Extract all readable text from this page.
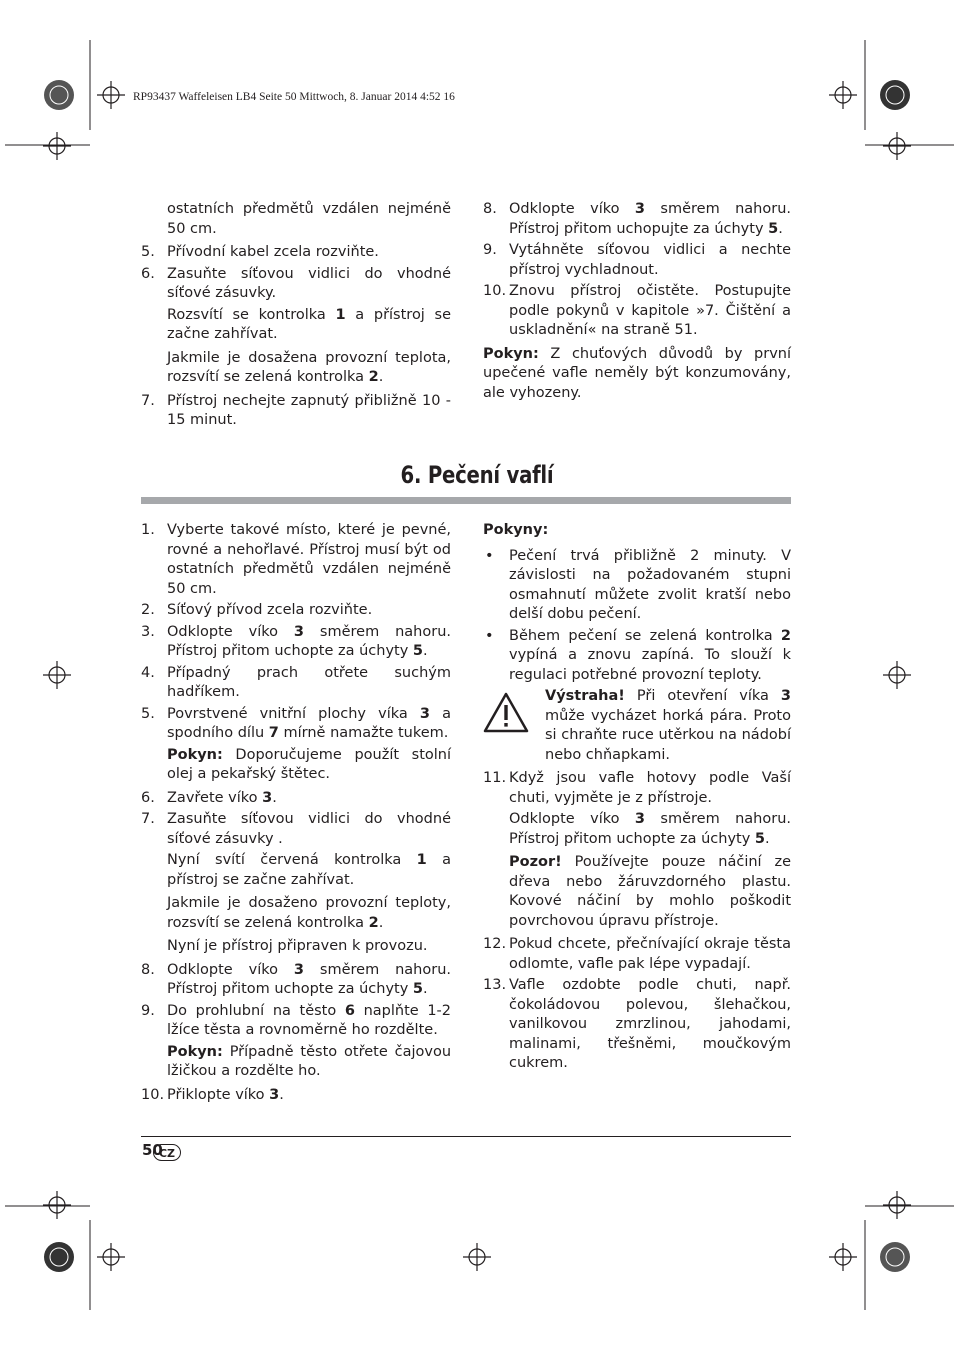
RP93437 Waffeleisen LB4 Seite 50 Mittwoch, 8. Januar 2014 4:52 16

ostatních předmětů vzdálen nejméně 50 cm.

5. Přívodní kabel zcela rozviňte.
6. Zasuňte síťovou vidlici do vhodné síťové zásuvky.

Rozsvítí se kontrolka 1 a přístroj se začne zahřívat.

Jakmile je dosažena provozní teplota, rozsvítí se zelená kontrolka 2.

7. Přístroj nechejte zapnutý přibližně 10 - 15 minut.
8. Odklopte víko 3 směrem nahoru. Přístroj přitom uchopujte za úchyty 5.
9. Vytáhněte síťovou vidlici a nechte přístroj vychladnout.
10. Znovu přístroj očistěte. Postupujte podle pokynů v kapitole »7. Čištění a uskladnění« na straně 51.

Pokyn: Z chuťových důvodů by první upečené vafle neměly být konzumovány, ale vyhozeny.

6. Pečení vaflí
1. Vyberte takové místo, které je pevné, rovné a nehořlavé. Přístroj musí být od ostatních předmětů vzdálen nejméně 50 cm.
2. Síťový přívod zcela rozviňte.
3. Odklopte víko 3 směrem nahoru. Přístroj přitom uchopte za úchyty 5.
4. Případný prach otřete suchým hadříkem.
5. Povrstvené vnitřní plochy víka 3 a spodního dílu 7 mírně namažte tukem.

Pokyn: Doporučujeme použít stolní olej a pekařský štětec.

6. Zavřete víko 3.
7. Zasuňte síťovou vidlici do vhodné síťové zásuvky .

Nyní svítí červená kontrolka 1 a přístroj se začne zahřívat.

Jakmile je dosaženo provozní teploty, rozsvítí se zelená kontrolka 2.

Nyní je přístroj připraven k provozu.

8. Odklopte víko 3 směrem nahoru. Přístroj přitom uchopte za úchyty 5.
9. Do prohlubní na těsto 6 naplňte 1-2 lžíce těsta a rovnoměrně ho rozdělte.

Pokyn: Případně těsto otřete čajovou lžičkou a rozdělte ho.

10. Přiklopte víko 3.
Pokyny:
• Pečení trvá přibližně 2 minuty. V závislosti na požadovaném stupni osmahnutí můžete zvolit kratší nebo delší dobu pečení.
• Během pečení se zelená kontrolka 2 vypíná a znovu zapíná. To slouží k regulaci potřebné provozní teploty.
Výstraha! Při otevření víka 3 může vycházet horká pára. Proto si chraňte ruce utěrkou na nádobí nebo chňapkami.
11. Když jsou vafle hotovy podle Vaší chuti, vyjměte je z přístroje.

Odklopte víko 3 směrem nahoru. Přístroj přitom uchopte za úchyty 5.

Pozor! Používejte pouze náčiní ze dřeva nebo žáruvzdorného plastu. Kovové náčiní by mohlo poškodit povrchovou úpravu přístroje.

12. Pokud chcete, přečnívající okraje těsta odlomte, vafle pak lépe vypadají.
13. Vafle ozdobte podle chuti, např. čokoládovou polevou, šlehačkou, vanilkovou zmrzlinou, jahodami, malinami, třešněmi, moučkovým cukrem.
50
CZ
